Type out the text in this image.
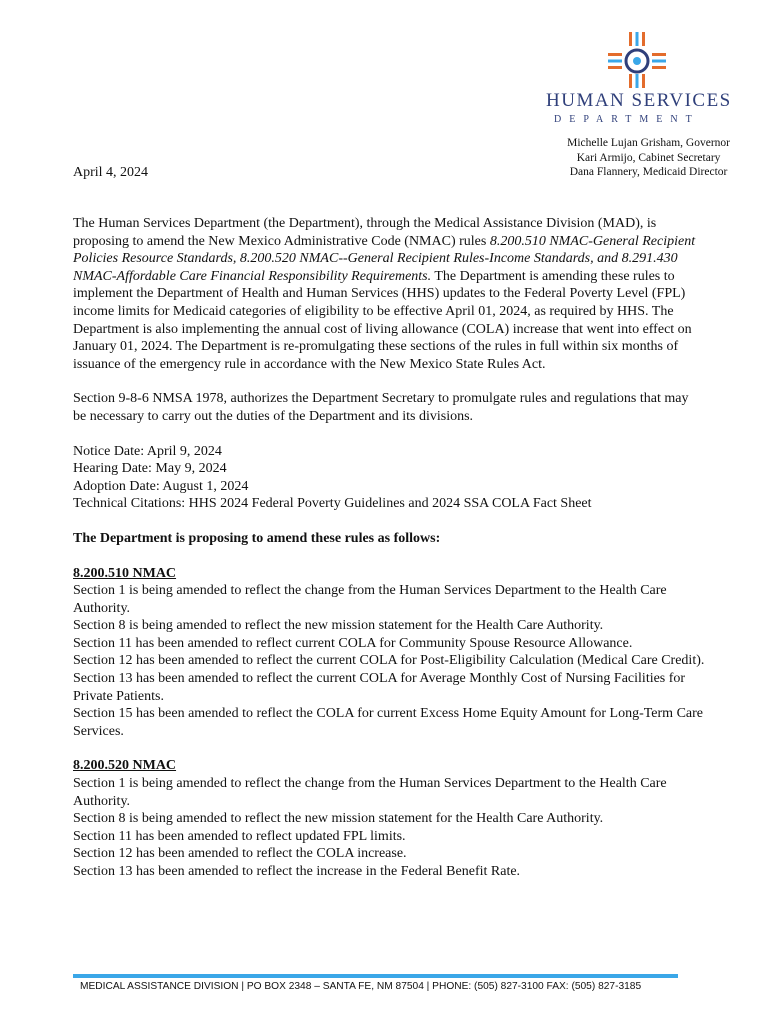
HUMAN SERVICES
DEPARTMENT
Michelle Lujan Grisham, Governor
Kari Armijo, Cabinet Secretary
Dana Flannery, Medicaid Director
April 4, 2024

The Human Services Department (the Department), through the Medical Assistance Division (MAD), is proposing to amend the New Mexico Administrative Code (NMAC) rules 8.200.510 NMAC-General Recipient Policies Resource Standards, 8.200.520 NMAC--General Recipient Rules-Income Standards, and 8.291.430 NMAC-Affordable Care Financial Responsibility Requirements. The Department is amending these rules to implement the Department of Health and Human Services (HHS) updates to the Federal Poverty Level (FPL) income limits for Medicaid categories of eligibility to be effective April 01, 2024, as required by HHS. The Department is also implementing the annual cost of living allowance (COLA) increase that went into effect on January 01, 2024. The Department is re-promulgating these sections of the rules in full within six months of issuance of the emergency rule in accordance with the New Mexico State Rules Act.

Section 9-8-6 NMSA 1978, authorizes the Department Secretary to promulgate rules and regulations that may be necessary to carry out the duties of the Department and its divisions.

Notice Date: April 9, 2024
Hearing Date: May 9, 2024
Adoption Date: August 1, 2024
Technical Citations: HHS 2024 Federal Poverty Guidelines and 2024 SSA COLA Fact Sheet

The Department is proposing to amend these rules as follows:

8.200.510 NMAC
Section 1 is being amended to reflect the change from the Human Services Department to the Health Care Authority.
Section 8 is being amended to reflect the new mission statement for the Health Care Authority.
Section 11 has been amended to reflect current COLA for Community Spouse Resource Allowance.
Section 12 has been amended to reflect the current COLA for Post-Eligibility Calculation (Medical Care Credit).
Section 13 has been amended to reflect the current COLA for Average Monthly Cost of Nursing Facilities for Private Patients.
Section 15 has been amended to reflect the COLA for current Excess Home Equity Amount for Long-Term Care Services.

8.200.520 NMAC
Section 1 is being amended to reflect the change from the Human Services Department to the Health Care Authority.
Section 8 is being amended to reflect the new mission statement for the Health Care Authority.
Section 11 has been amended to reflect updated FPL limits.
Section 12 has been amended to reflect the COLA increase.
Section 13 has been amended to reflect the increase in the Federal Benefit Rate.

MEDICAL ASSISTANCE DIVISION | PO BOX 2348 – SANTA FE, NM 87504 | PHONE: (505) 827-3100 FAX: (505) 827-3185
